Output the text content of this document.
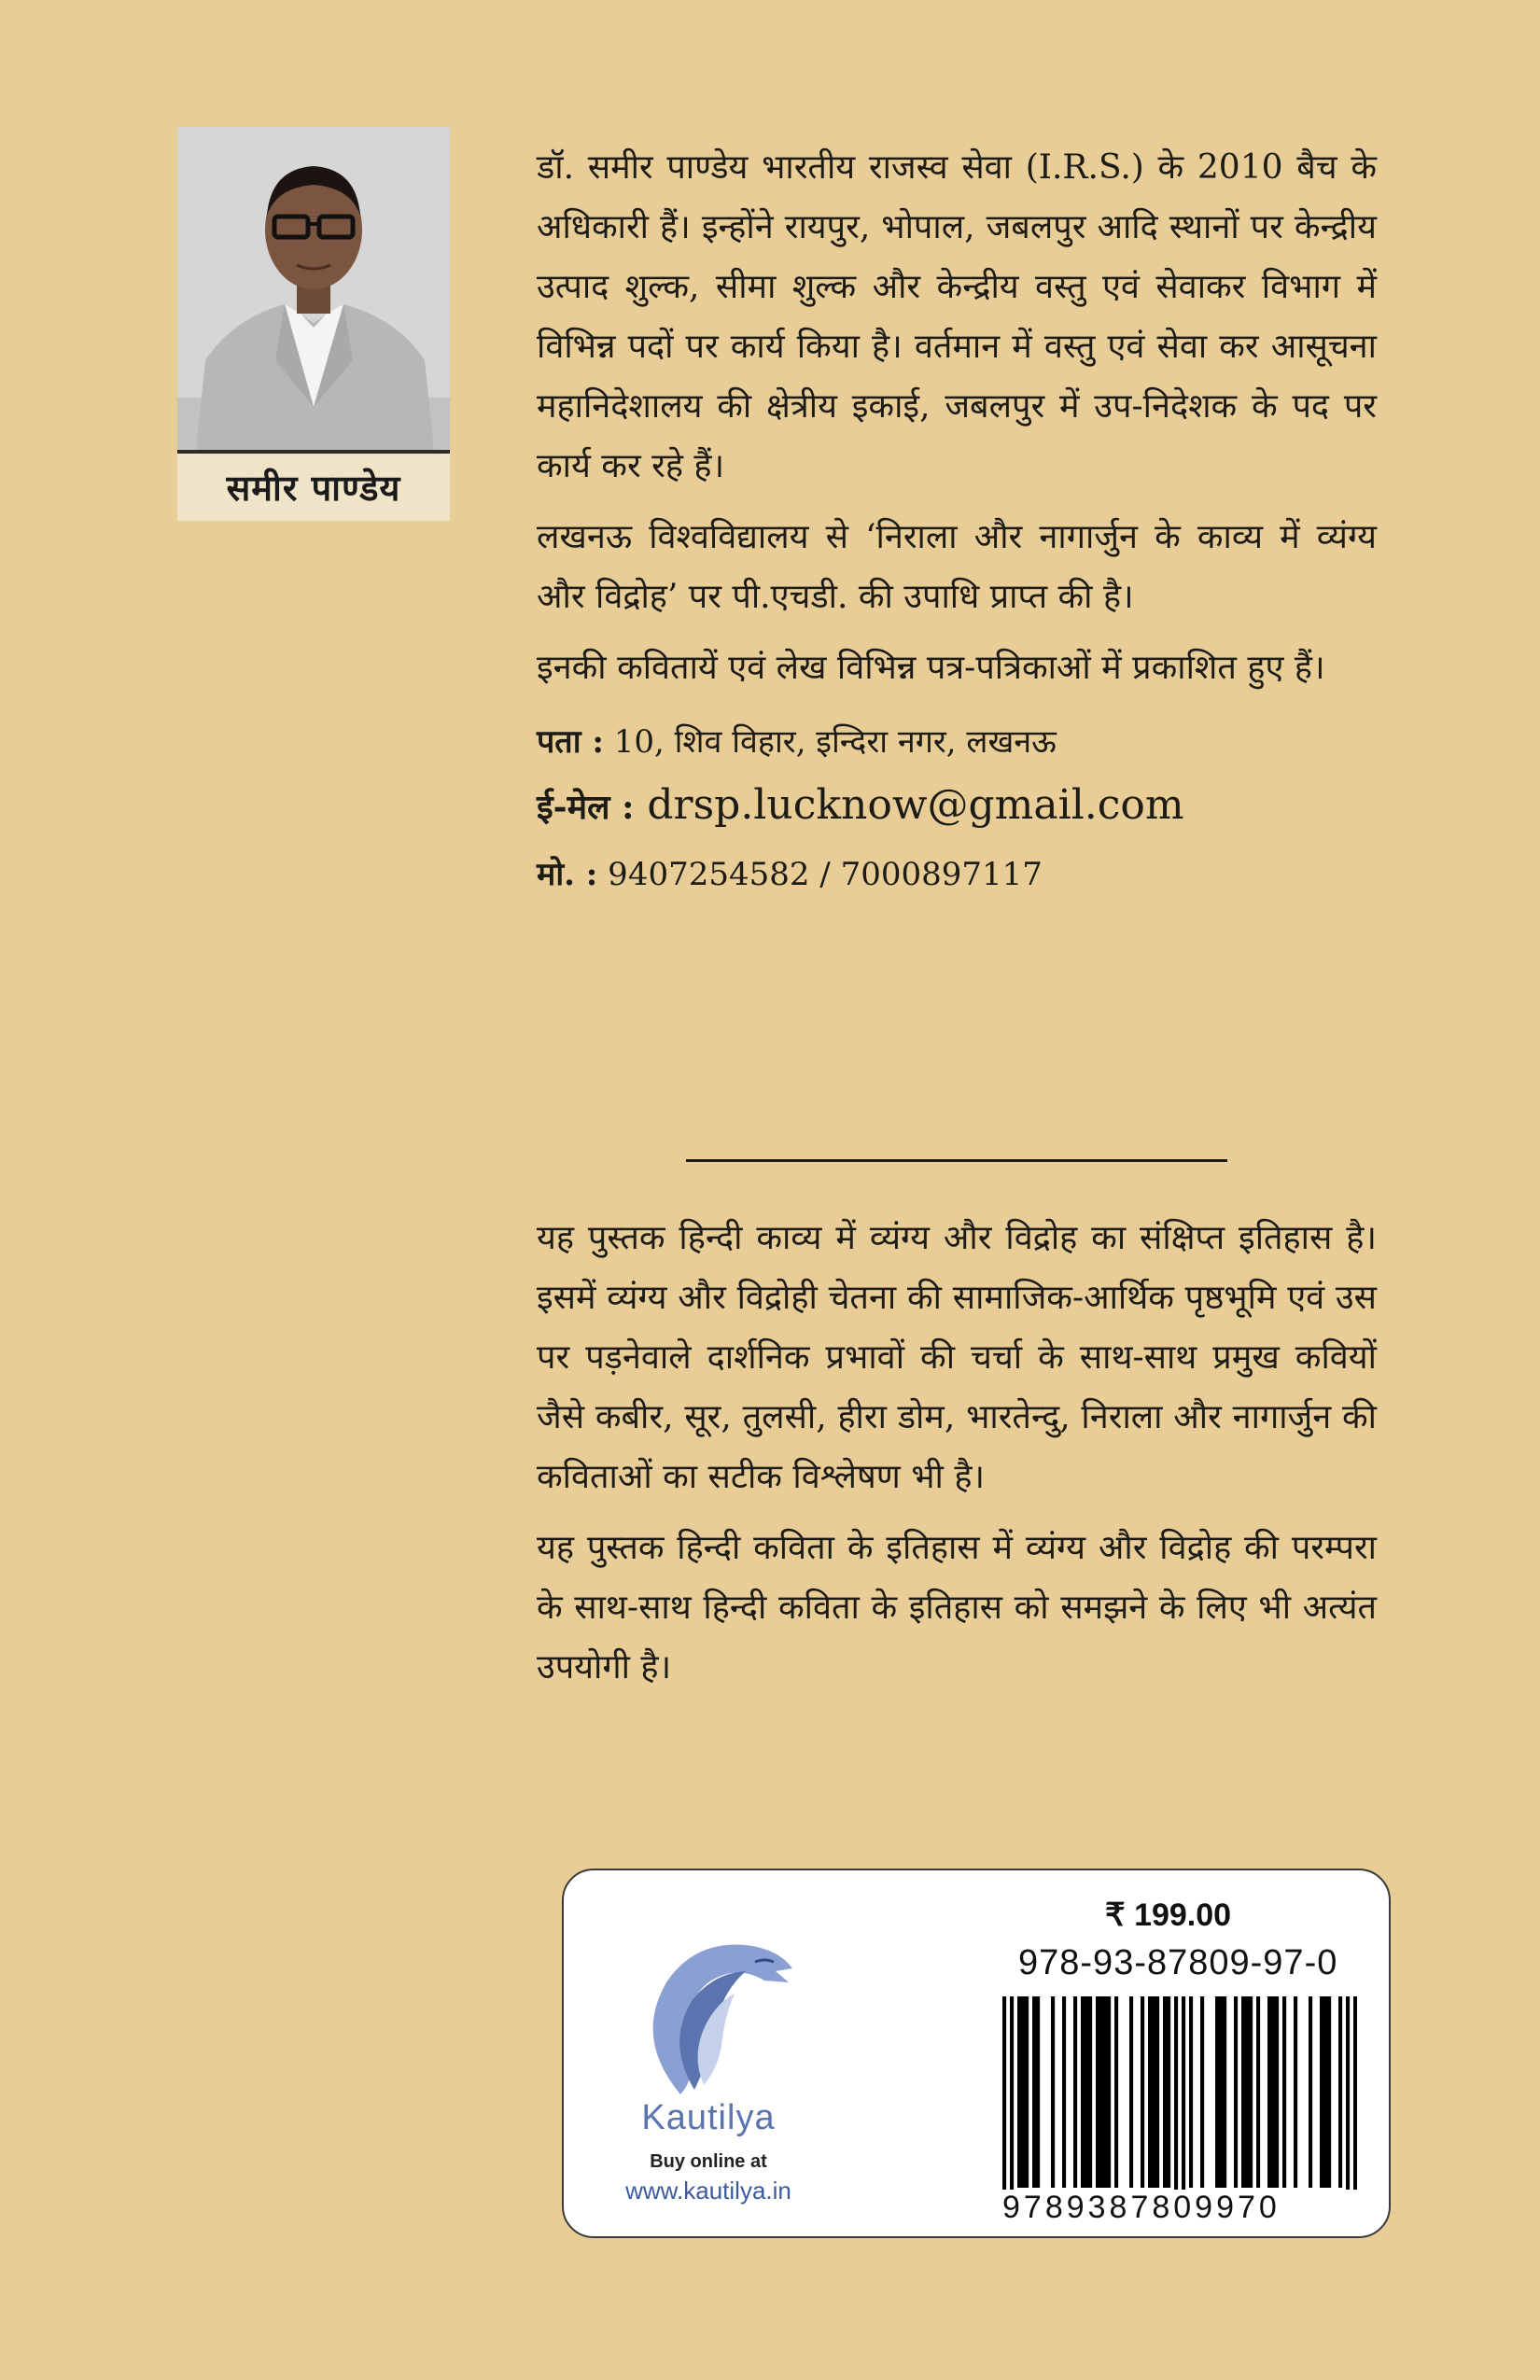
समीर पाण्डेय

डॉ. समीर पाण्डेय भारतीय राजस्व सेवा (I.R.S.) के 2010 बैच के अधिकारी हैं। इन्होंने रायपुर, भोपाल, जबलपुर आदि स्थानों पर केन्द्रीय उत्पाद शुल्क, सीमा शुल्क और केन्द्रीय वस्तु एवं सेवाकर विभाग में विभिन्न पदों पर कार्य किया है। वर्तमान में वस्तु एवं सेवा कर आसूचना महानिदेशालय की क्षेत्रीय इकाई, जबलपुर में उप-निदेशक के पद पर कार्य कर रहे हैं।

लखनऊ विश्वविद्यालय से ‘निराला और नागार्जुन के काव्य में व्यंग्य और विद्रोह’ पर पी.एचडी. की उपाधि प्राप्त की है।

इनकी कवितायें एवं लेख विभिन्न पत्र-पत्रिकाओं में प्रकाशित हुए हैं।

पता : 10, शिव विहार, इन्दिरा नगर, लखनऊ
ई-मेल : drsp.lucknow@gmail.com
मो. : 9407254582 / 7000897117

यह पुस्तक हिन्दी काव्य में व्यंग्य और विद्रोह का संक्षिप्त इतिहास है। इसमें व्यंग्य और विद्रोही चेतना की सामाजिक-आर्थिक पृष्ठभूमि एवं उस पर पड़नेवाले दार्शनिक प्रभावों की चर्चा के साथ-साथ प्रमुख कवियों जैसे कबीर, सूर, तुलसी, हीरा डोम, भारतेन्दु, निराला और नागार्जुन की कविताओं का सटीक विश्लेषण भी है।

यह पुस्तक हिन्दी कविता के इतिहास में व्यंग्य और विद्रोह की परम्परा के साथ-साथ हिन्दी कविता के इतिहास को समझने के लिए भी अत्यंत उपयोगी है।

Kautilya
Buy online at
www.kautilya.in
₹ 199.00
978-93-87809-97-0
9789387809970
